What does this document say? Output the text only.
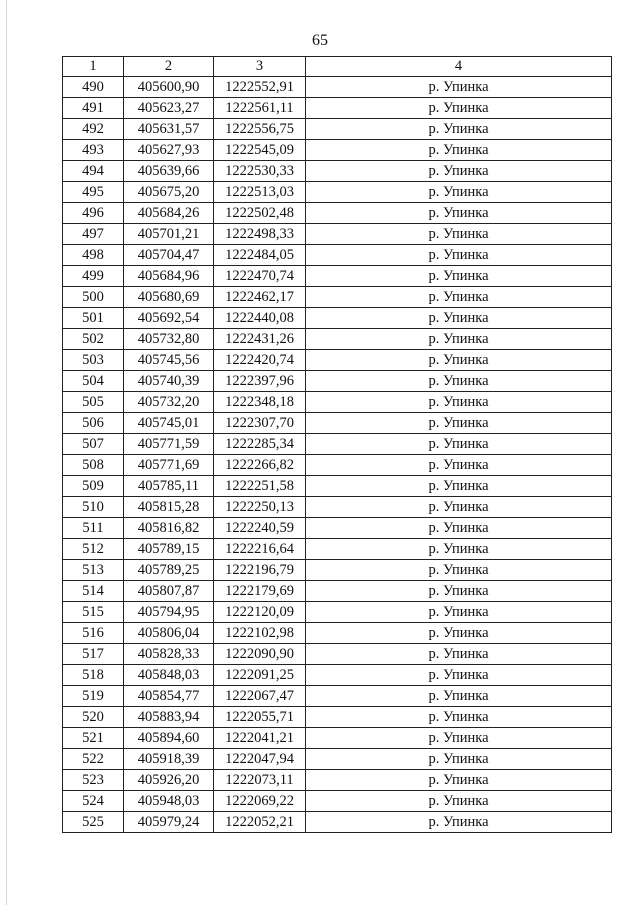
65
1	2	3	4
490	405600,90	1222552,91	р. Упинка
491	405623,27	1222561,11	р. Упинка
492	405631,57	1222556,75	р. Упинка
493	405627,93	1222545,09	р. Упинка
494	405639,66	1222530,33	р. Упинка
495	405675,20	1222513,03	р. Упинка
496	405684,26	1222502,48	р. Упинка
497	405701,21	1222498,33	р. Упинка
498	405704,47	1222484,05	р. Упинка
499	405684,96	1222470,74	р. Упинка
500	405680,69	1222462,17	р. Упинка
501	405692,54	1222440,08	р. Упинка
502	405732,80	1222431,26	р. Упинка
503	405745,56	1222420,74	р. Упинка
504	405740,39	1222397,96	р. Упинка
505	405732,20	1222348,18	р. Упинка
506	405745,01	1222307,70	р. Упинка
507	405771,59	1222285,34	р. Упинка
508	405771,69	1222266,82	р. Упинка
509	405785,11	1222251,58	р. Упинка
510	405815,28	1222250,13	р. Упинка
511	405816,82	1222240,59	р. Упинка
512	405789,15	1222216,64	р. Упинка
513	405789,25	1222196,79	р. Упинка
514	405807,87	1222179,69	р. Упинка
515	405794,95	1222120,09	р. Упинка
516	405806,04	1222102,98	р. Упинка
517	405828,33	1222090,90	р. Упинка
518	405848,03	1222091,25	р. Упинка
519	405854,77	1222067,47	р. Упинка
520	405883,94	1222055,71	р. Упинка
521	405894,60	1222041,21	р. Упинка
522	405918,39	1222047,94	р. Упинка
523	405926,20	1222073,11	р. Упинка
524	405948,03	1222069,22	р. Упинка
525	405979,24	1222052,21	р. Упинка
